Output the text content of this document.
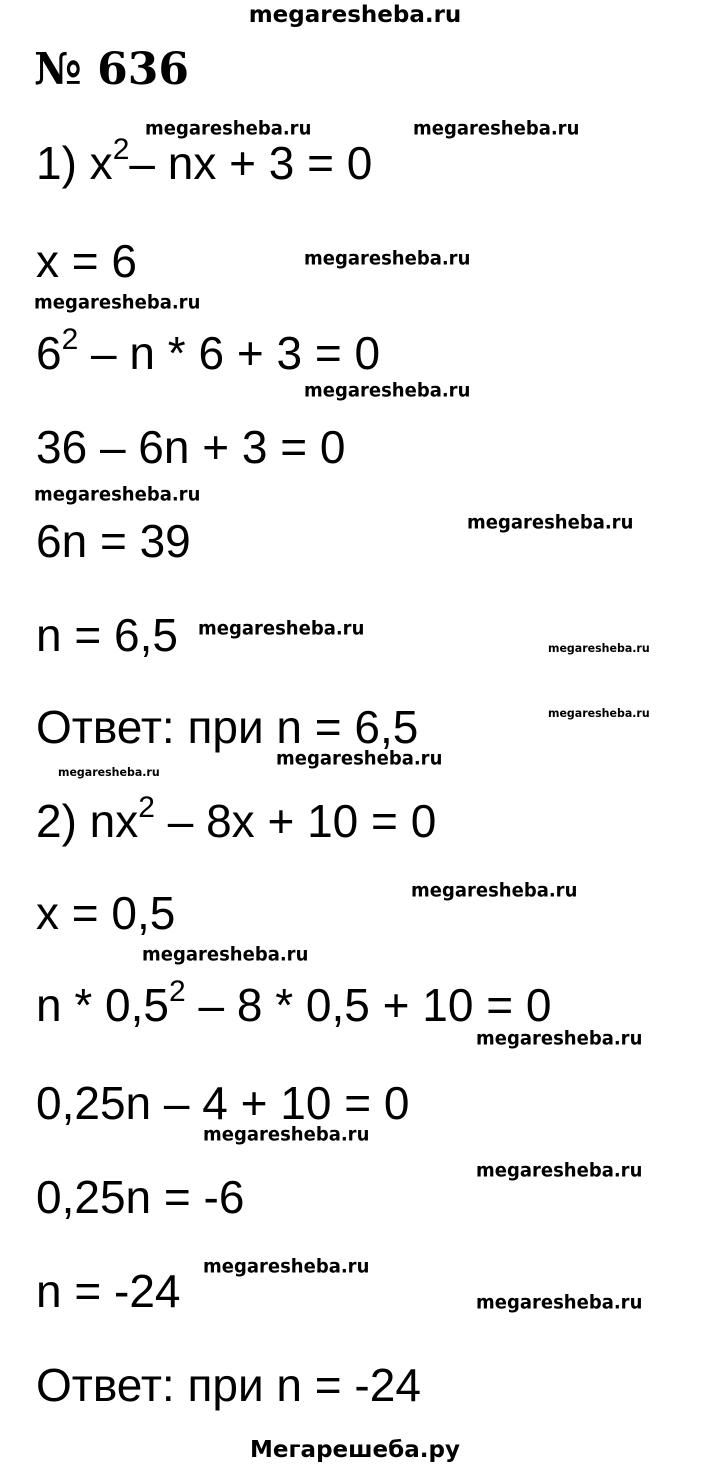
megaresheba.ru
№ 636
1) $x^2-$ nx + 3 = 0
x = 6
$6^2 - n * 6 + 3 = 0$
36 – 6n + 3 = 0
6n = 39
n = 6,5
Ответ: при n = 6,5
2) $nx^2 - 8x + 10 = 0$
x = 0,5
$n * 0,5^2 - 8 * 0,5 + 10 = 0$
0,25n – 4 + 10 = 0
0,25n = -6
n = -24
Ответ: при n = -24
megaresheba.ru	megaresheba.ru
megaresheba.ru
megaresheba.ru
megaresheba.ru
megaresheba.ru
megaresheba.ru
megaresheba.ru
megaresheba.ru
megaresheba.ru
megaresheba.ru
megaresheba.ru
megaresheba.ru
megaresheba.ru
megaresheba.ru
megaresheba.ru
megaresheba.ru
megaresheba.ru
megaresheba.ru
Мегарешеба.ру
